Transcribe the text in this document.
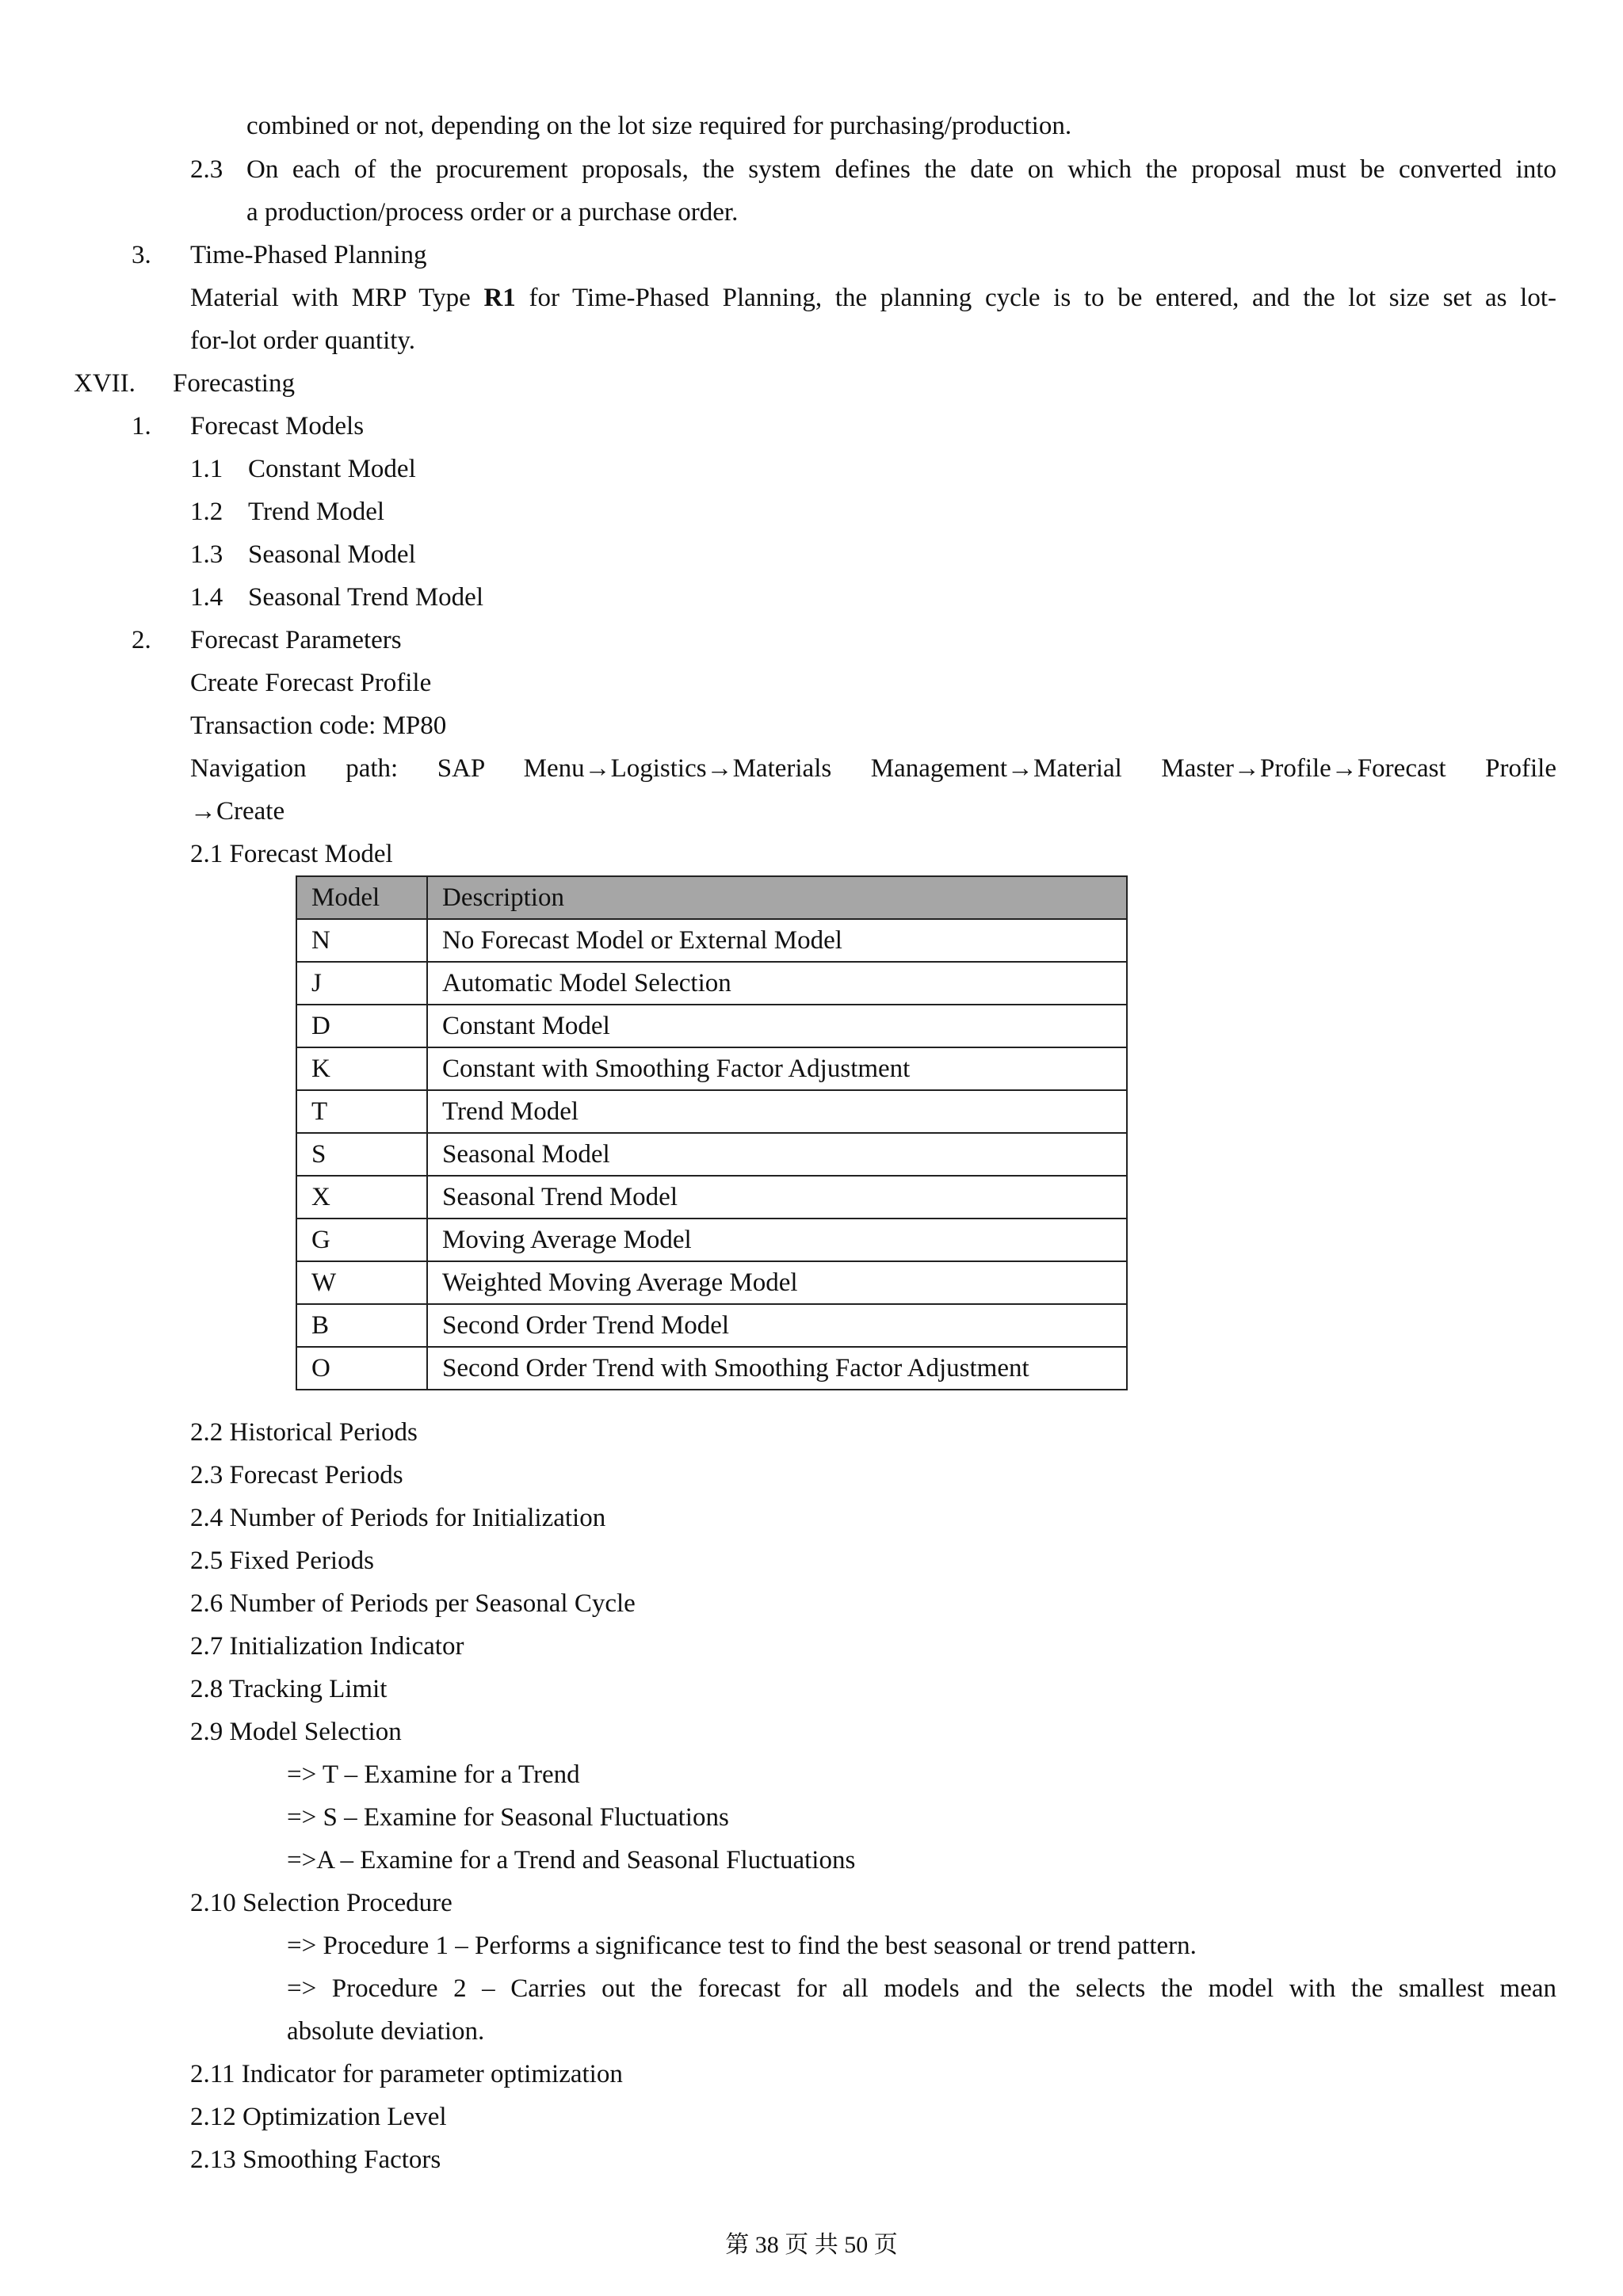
combined or not, depending on the lot size required for purchasing/production.
2.3 On each of the procurement proposals, the system defines the date on which the proposal must be converted into
a production/process order or a purchase order.
3. Time-Phased Planning
Material with MRP Type R1 for Time-Phased Planning, the planning cycle is to be entered, and the lot size set as lot-
for-lot order quantity.
XVII. Forecasting
1. Forecast Models
1.1 Constant Model
1.2 Trend Model
1.3 Seasonal Model
1.4 Seasonal Trend Model
2. Forecast Parameters
Create Forecast Profile
Transaction code: MP80
Navigation path: SAP Menu→Logistics→Materials Management→Material Master→Profile→Forecast Profile
→Create
2.1 Forecast Model
Model	Description
N	No Forecast Model or External Model
J	Automatic Model Selection
D	Constant Model
K	Constant with Smoothing Factor Adjustment
T	Trend Model
S	Seasonal Model
X	Seasonal Trend Model
G	Moving Average Model
W	Weighted Moving Average Model
B	Second Order Trend Model
O	Second Order Trend with Smoothing Factor Adjustment
2.2 Historical Periods
2.3 Forecast Periods
2.4 Number of Periods for Initialization
2.5 Fixed Periods
2.6 Number of Periods per Seasonal Cycle
2.7 Initialization Indicator
2.8 Tracking Limit
2.9 Model Selection
=> T – Examine for a Trend
=> S – Examine for Seasonal Fluctuations
=>A – Examine for a Trend and Seasonal Fluctuations
2.10 Selection Procedure
=> Procedure 1 – Performs a significance test to find the best seasonal or trend pattern.
=> Procedure 2 – Carries out the forecast for all models and the selects the model with the smallest mean
absolute deviation.
2.11 Indicator for parameter optimization
2.12 Optimization Level
2.13 Smoothing Factors
第 38 页 共 50 页
